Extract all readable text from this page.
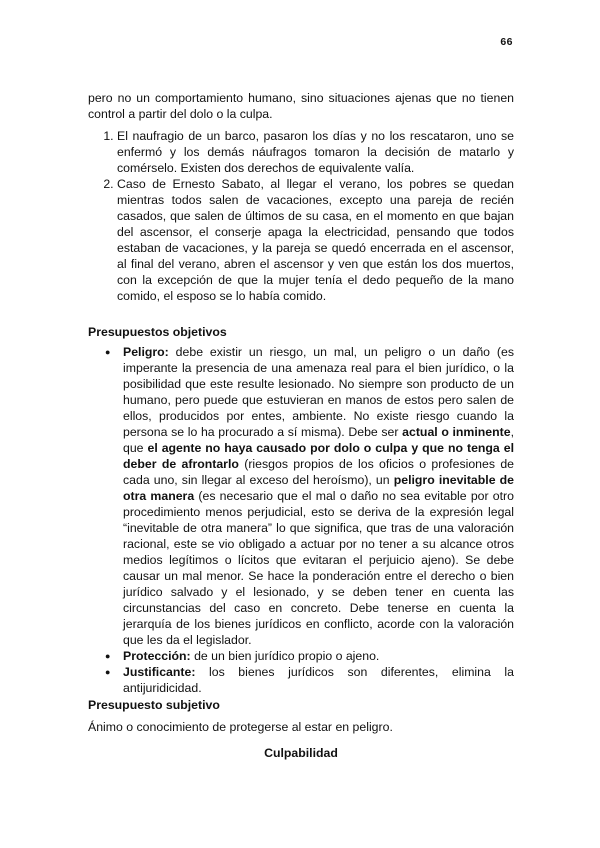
66

pero no un comportamiento humano, sino situaciones ajenas que no tienen control a partir del dolo o la culpa.

1. El naufragio de un barco, pasaron los días y no los rescataron, uno se enfermó y los demás náufragos tomaron la decisión de matarlo y comérselo. Existen dos derechos de equivalente valía.
2. Caso de Ernesto Sabato, al llegar el verano, los pobres se quedan mientras todos salen de vacaciones, excepto una pareja de recién casados, que salen de últimos de su casa, en el momento en que bajan del ascensor, el conserje apaga la electricidad, pensando que todos estaban de vacaciones, y la pareja se quedó encerrada en el ascensor, al final del verano, abren el ascensor y ven que están los dos muertos, con la excepción de que la mujer tenía el dedo pequeño de la mano comido, el esposo se lo había comido.
Presupuestos objetivos
● Peligro: debe existir un riesgo, un mal, un peligro o un daño (es imperante la presencia de una amenaza real para el bien jurídico, o la posibilidad que este resulte lesionado. No siempre son producto de un humano, pero puede que estuvieran en manos de estos pero salen de ellos, producidos por entes, ambiente. No existe riesgo cuando la persona se lo ha procurado a sí misma). Debe ser actual o inminente, que el agente no haya causado por dolo o culpa y que no tenga el deber de afrontarlo (riesgos propios de los oficios o profesiones de cada uno, sin llegar al exceso del heroísmo), un peligro inevitable de otra manera (es necesario que el mal o daño no sea evitable por otro procedimiento menos perjudicial, esto se deriva de la expresión legal “inevitable de otra manera” lo que significa, que tras de una valoración racional, este se vio obligado a actuar por no tener a su alcance otros medios legítimos o lícitos que evitaran el perjuicio ajeno). Se debe causar un mal menor. Se hace la ponderación entre el derecho o bien jurídico salvado y el lesionado, y se deben tener en cuenta las circunstancias del caso en concreto. Debe tenerse en cuenta la jerarquía de los bienes jurídicos en conflicto, acorde con la valoración que les da el legislador.
● Protección: de un bien jurídico propio o ajeno.
● Justificante: los bienes jurídicos son diferentes, elimina la antijuridicidad.
Presupuesto subjetivo

Ánimo o conocimiento de protegerse al estar en peligro.

Culpabilidad
